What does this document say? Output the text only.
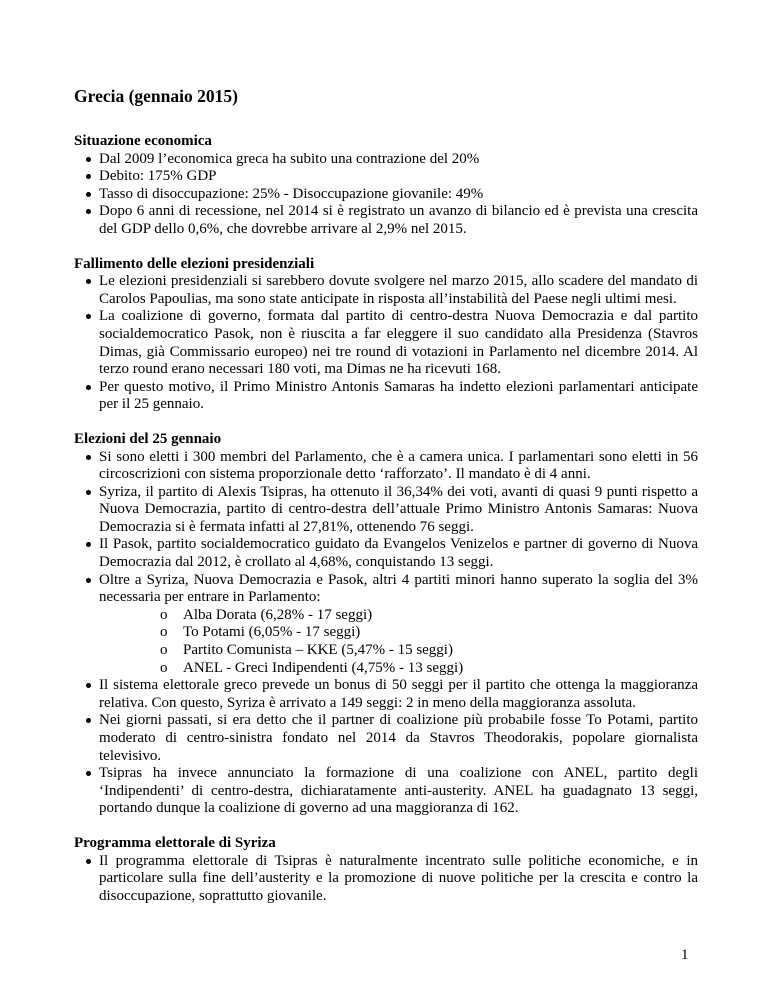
Grecia (gennaio 2015)

Situazione economica

Dal 2009 l’economica greca ha subito una contrazione del 20%
Debito: 175% GDP
Tasso di disoccupazione: 25% - Disoccupazione giovanile: 49%
Dopo 6 anni di recessione, nel 2014 si è registrato un avanzo di bilancio ed è prevista una crescita del GDP dello 0,6%, che dovrebbe arrivare al 2,9% nel 2015.

Fallimento delle elezioni presidenziali

Le elezioni presidenziali si sarebbero dovute svolgere nel marzo 2015, allo scadere del mandato di Carolos Papoulias, ma sono state anticipate in risposta all’instabilità del Paese negli ultimi mesi.
La coalizione di governo, formata dal partito di centro-destra Nuova Democrazia e dal partito socialdemocratico Pasok, non è riuscita a far eleggere il suo candidato alla Presidenza (Stavros Dimas, già Commissario europeo) nei tre round di votazioni in Parlamento nel dicembre 2014. Al terzo round erano necessari 180 voti, ma Dimas ne ha ricevuti 168.
Per questo motivo, il Primo Ministro Antonis Samaras ha indetto elezioni parlamentari anticipate per il 25 gennaio.

Elezioni del 25 gennaio

Si sono eletti i 300 membri del Parlamento, che è a camera unica. I parlamentari sono eletti in 56 circoscrizioni con sistema proporzionale detto ‘rafforzato’. Il mandato è di 4 anni.
Syriza, il partito di Alexis Tsipras, ha ottenuto il 36,34% dei voti, avanti di quasi 9 punti rispetto a Nuova Democrazia, partito di centro-destra dell’attuale Primo Ministro Antonis Samaras: Nuova Democrazia si è fermata infatti al 27,81%, ottenendo 76 seggi.
Il Pasok, partito socialdemocratico guidato da Evangelos Venizelos e partner di governo di Nuova Democrazia dal 2012, è crollato al 4,68%, conquistando 13 seggi.
Oltre a Syriza, Nuova Democrazia e Pasok, altri 4 partiti minori hanno superato la soglia del 3% necessaria per entrare in Parlamento:
o Alba Dorata (6,28% - 17 seggi)
o To Potami (6,05% - 17 seggi)
o Partito Comunista – KKE (5,47% - 15 seggi)
o ANEL - Greci Indipendenti (4,75% - 13 seggi)
Il sistema elettorale greco prevede un bonus di 50 seggi per il partito che ottenga la maggioranza relativa. Con questo, Syriza è arrivato a 149 seggi: 2 in meno della maggioranza assoluta.
Nei giorni passati, si era detto che il partner di coalizione più probabile fosse To Potami, partito moderato di centro-sinistra fondato nel 2014 da Stavros Theodorakis, popolare giornalista televisivo.
Tsipras ha invece annunciato la formazione di una coalizione con ANEL, partito degli ‘Indipendenti’ di centro-destra, dichiaratamente anti-austerity. ANEL ha guadagnato 13 seggi, portando dunque la coalizione di governo ad una maggioranza di 162.

Programma elettorale di Syriza

Il programma elettorale di Tsipras è naturalmente incentrato sulle politiche economiche, e in particolare sulla fine dell’austerity e la promozione di nuove politiche per la crescita e contro la disoccupazione, soprattutto giovanile.
1
